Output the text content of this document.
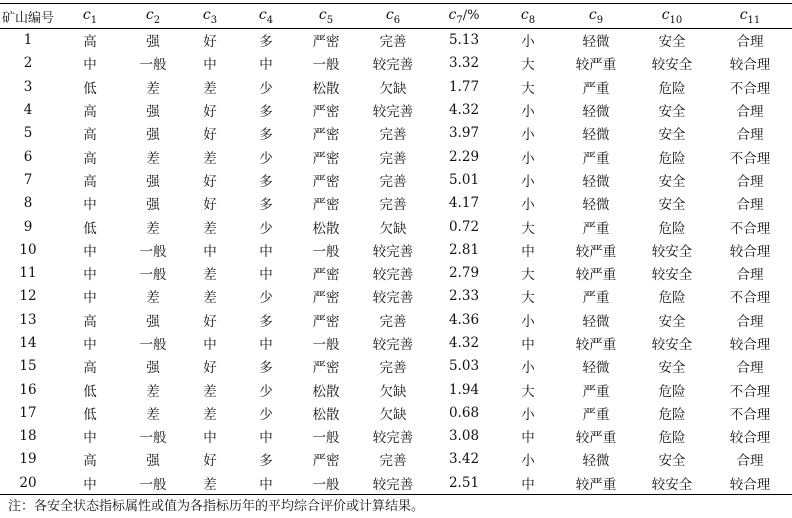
矿山编号	$c_1$	$c_2$	$c_3$	$c_4$	$c_5$	$c_6$	$c_7/\%$	$c_8$	$c_9$	$c_{10}$	$c_{11}$
1	高	强	好	多	严密	完善	5.13	小	轻微	安全	合理
2	中	一般	中	中	一般	较完善	3.32	大	较严重	较安全	较合理
3	低	差	差	少	松散	欠缺	1.77	大	严重	危险	不合理
4	高	强	好	多	严密	较完善	4.32	小	轻微	安全	合理
5	高	强	好	多	严密	完善	3.97	小	轻微	安全	合理
6	高	差	差	少	严密	完善	2.29	小	严重	危险	不合理
7	高	强	好	多	严密	完善	5.01	小	轻微	安全	合理
8	中	强	好	多	严密	完善	4.17	小	轻微	安全	合理
9	低	差	差	少	松散	欠缺	0.72	大	严重	危险	不合理
10	中	一般	中	中	一般	较完善	2.81	中	较严重	较安全	较合理
11	中	一般	差	中	严密	较完善	2.79	大	较严重	较安全	合理
12	中	差	差	少	严密	较完善	2.33	大	严重	危险	不合理
13	高	强	好	多	严密	完善	4.36	小	轻微	安全	合理
14	中	一般	中	中	一般	较完善	4.32	中	较严重	较安全	较合理
15	高	强	好	多	严密	完善	5.03	小	轻微	安全	合理
16	低	差	差	少	松散	欠缺	1.94	大	严重	危险	不合理
17	低	差	差	少	松散	欠缺	0.68	小	严重	危险	不合理
18	中	一般	中	中	一般	较完善	3.08	中	较严重	危险	较合理
19	高	强	好	多	严密	完善	3.42	小	轻微	安全	合理
20	中	一般	差	中	一般	较完善	2.51	中	较严重	较安全	较合理
注：各安全状态指标属性或值为各指标历年的平均综合评价或计算结果。
